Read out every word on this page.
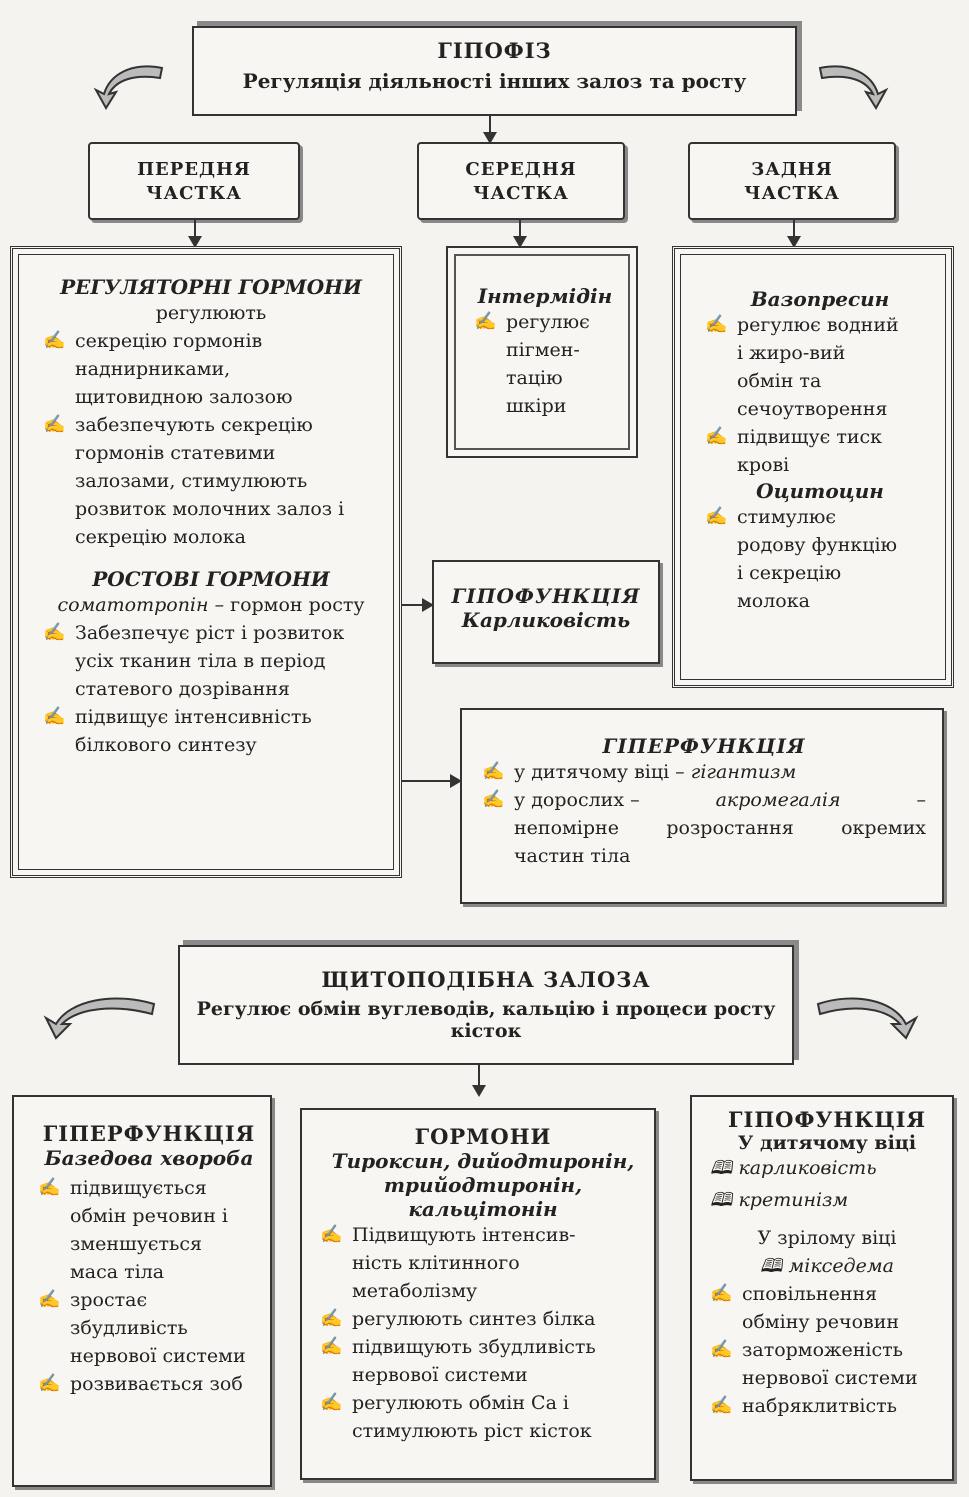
ГІПОФІЗ
Регуляція діяльності інших залоз та росту
ПЕРЕДНЯ
ЧАСТКА
СЕРЕДНЯ
ЧАСТКА
ЗАДНЯ
ЧАСТКА
РЕГУЛЯТОРНІ ГОРМОНИ
регулюють
✍ секрецію гормонів
наднирниками,
щитовидною залозою
✍ забезпечують секрецію
гормонів статевими
залозами, стимулюють
розвиток молочних залоз і
секрецію молока
РОСТОВІ ГОРМОНИ
соматотропін – гормон росту
✍ Забезпечує ріст і розвиток
усіх тканин тіла в період
статевого дозрівання
✍ підвищує інтенсивність
білкового синтезу
Інтермідін
✍ регулює
пігмен-
тацію
шкіри
Вазопресин
✍ регулює водний
і жиро-вий
обмін та
сечоутворення
✍ підвищує тиск
крові
Оцитоцин
✍ стимулює
родову функцію
і секрецію
молока
ГІПОФУНКЦІЯ
Карликовість
ГІПЕРФУНКЦІЯ
✍ у дитячому віці – гігантизм
✍ у дорослих –	акромегалія	–
непомірне розростання окремих
частин тіла
ЩИТОПОДІБНА ЗАЛОЗА
Регулює обмін вуглеводів, кальцію і процеси росту
кісток
ГІПЕРФУНКЦІЯ
Базедова хвороба
✍ підвищується
обмін речовин і
зменшується
маса тіла
✍ зростає
збудливість
нервової системи
✍ розвивається зоб
ГОРМОНИ
Тироксин, дийодтиронін,
трийодтиронін, кальцітонін
✍ Підвищують інтенсив-
ність клітинного
метаболізму
✍ регулюють синтез білка
✍ підвищують збудливість
нервової системи
✍ регулюють обмін Са і
стимулюють ріст кісток
ГІПОФУНКЦІЯ
У дитячому віці
🕮 карликовість
🕮 кретинізм
У зрілому віці
🕮 мікседема
✍ сповільнення
обміну речовин
✍ заторможеність
нервової системи
✍ набряклитвість
